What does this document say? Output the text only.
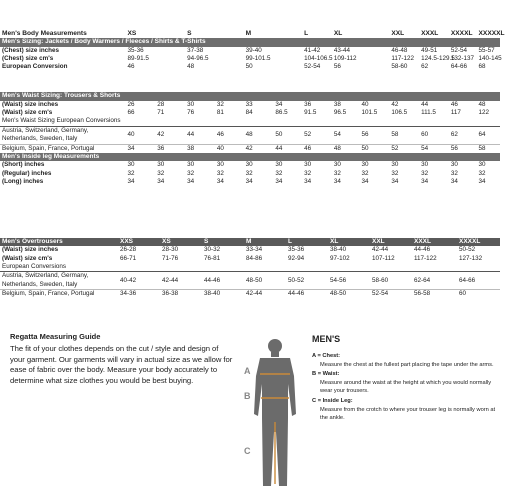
Men's Body Measurements	XS		S		M		L	XL		XXL	XXXL	XXXXL	XXXXXL
Men's Sizing: Jackets / Body Warmers / Fleeces / Shirts & T-Shirts													
(Chest) size inches	35-36		37-38		39-40		41-42	43-44		46-48	49-51	52-54	55-57
(Chest) size cm's	89-91.5		94-96.5		99-101.5		104-106.5	109-112		117-122	124.5-129.5	132-137	140-145
European Conversion	46		48		50		52-54	56		58-60	62	64-66	68

Men's Waist Sizing: Trousers & Shorts													
(Waist) size inches	26	28	30	32	33	34	36	38	40	42	44	46	48
(Waist) size cm's	66	71	76	81	84	86.5	91.5	96.5	101.5	106.5	111.5	117	122
Men's Waist Sizing European Conversions													
Austria, Switzerland, Germany, Netherlands, Sweden, Italy	40	42	44	46	48	50	52	54	56	58	60	62	64
Belgium, Spain, France, Portugal	34	36	38	40	42	44	46	48	50	52	54	56	58
Men's Inside leg Measurements													
(Short) inches	30	30	30	30	30	30	30	30	30	30	30	30	30
(Regular) inches	32	32	32	32	32	32	32	32	32	32	32	32	32
(Long) inches	34	34	34	34	34	34	34	34	34	34	34	34	34
Men's Overtrousers	XXS	XS	S	M	L	XL	XXL	XXXL	XXXXL
(Waist) size inches	26-28	28-30	30-32	33-34	35-36	38-40	42-44	44-46	50-52
(Waist) size cm's	66-71	71-76	76-81	84-86	92-94	97-102	107-112	117-122	127-132
European Conversions									
Austria, Switzerland, Germany, Netherlands, Sweden, Italy	40-42	42-44	44-46	48-50	50-52	54-56	58-60	62-64	64-66
Belgium, Spain, France, Portugal	34-36	36-38	38-40	42-44	44-46	48-50	52-54	56-58	60
Regatta Measuring Guide
The fit of your clothes depends on the cut / style and design of your garment. Our garments will vary in actual size as we allow for ease of fabric over the body. Measure your body accurately to determine what size clothes you would be best buying.
A
B
C
MEN'S
A = Chest:
Measure the chest at the fullest part placing the tape under the arms.
B = Waist:
Measure around the waist at the height at which you would normally wear your trousers.
C = Inside Leg:
Measure from the crotch to where your trouser leg is normally worn at the ankle.
